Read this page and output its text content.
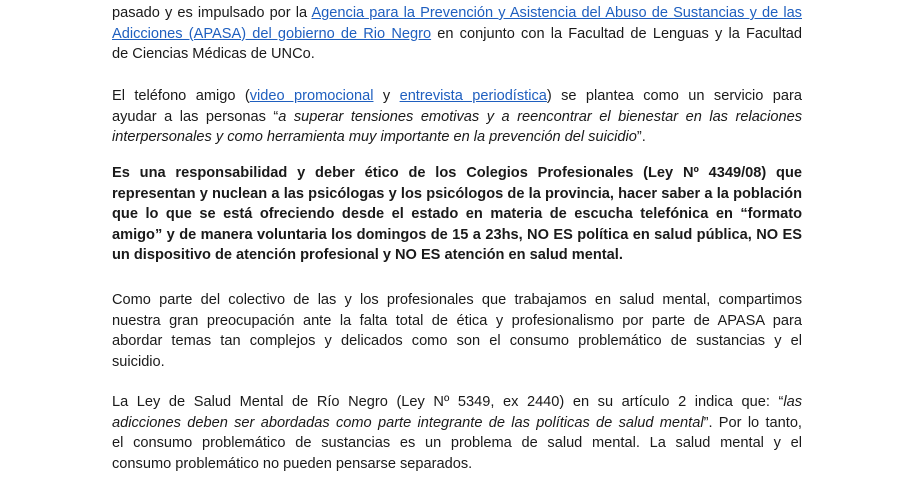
pasado y es impulsado por la Agencia para la Prevención y Asistencia del Abuso de Sustancias y de las
Adicciones (APASA) del gobierno de Rio Negro en conjunto con la Facultad de Lenguas y la Facultad
de Ciencias Médicas de UNCo.
El teléfono amigo (video promocional y entrevista periodística) se plantea como un servicio para
ayudar a las personas “a superar tensiones emotivas y a reencontrar el bienestar en las relaciones
interpersonales y como herramienta muy importante en la prevención del suicidio”.
Es una responsabilidad y deber ético de los Colegios Profesionales (Ley Nº 4349/08) que
representan y nuclean a las psicólogas y los psicólogos de la provincia, hacer saber a la población
que lo que se está ofreciendo desde el estado en materia de escucha telefónica en “formato
amigo” y de manera voluntaria los domingos de 15 a 23hs, NO ES política en salud pública, NO ES
un dispositivo de atención profesional y NO ES atención en salud mental.
Como parte del colectivo de las y los profesionales que trabajamos en salud mental, compartimos
nuestra gran preocupación ante la falta total de ética y profesionalismo por parte de APASA para
abordar temas tan complejos y delicados como son el consumo problemático de sustancias y el
suicidio.
La Ley de Salud Mental de Río Negro (Ley Nº 5349, ex 2440) en su artículo 2 indica que: “las
adicciones deben ser abordadas como parte integrante de las políticas de salud mental”. Por lo tanto,
el consumo problemático de sustancias es un problema de salud mental. La salud mental y el
consumo problemático no pueden pensarse separados.
